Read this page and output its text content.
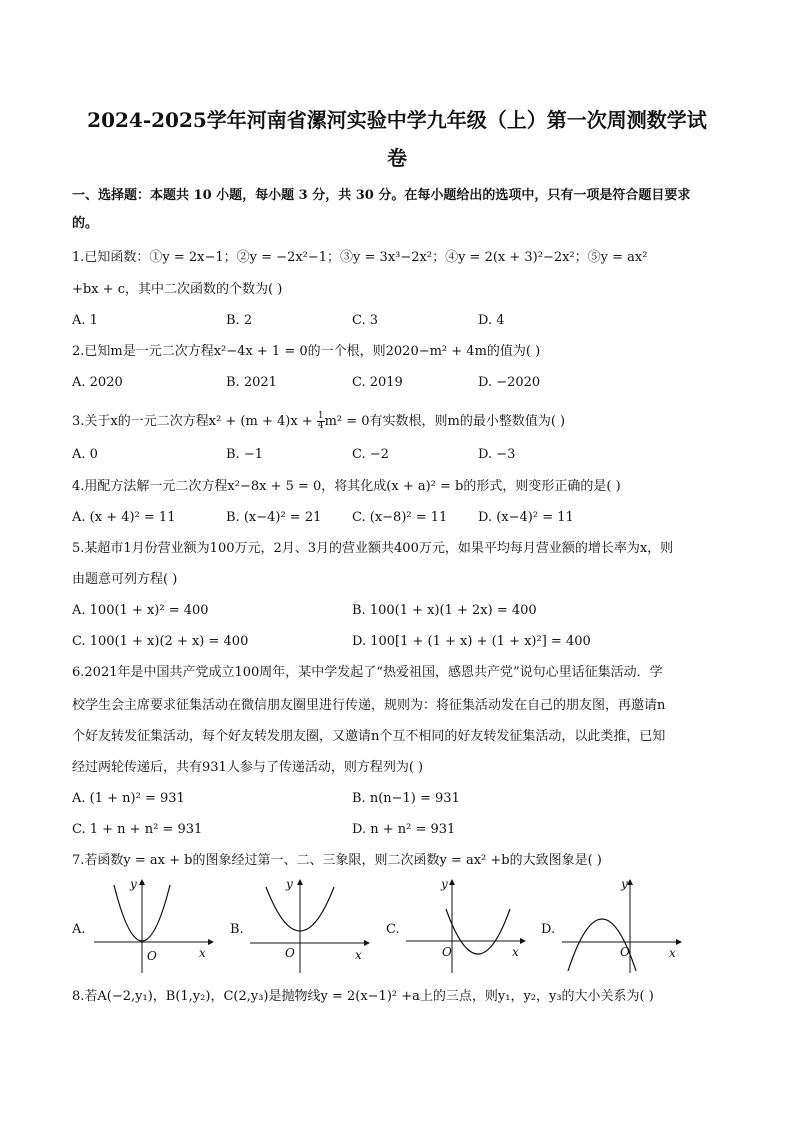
2024-2025学年河南省漯河实验中学九年级（上）第一次周测数学试
卷
一、选择题：本题共 10 小题，每小题 3 分，共 30 分。在每小题给出的选项中，只有一项是符合题目要求
的。
1.已知函数：①y = 2x−1；②y = −2x²−1；③y = 3x³−2x²；④y = 2(x + 3)²−2x²；⑤y = ax²
+bx + c，其中二次函数的个数为( )
A. 1	B. 2	C. 3	D. 4
2.已知m是一元二次方程x²−4x + 1 = 0的一个根，则2020−m² + 4m的值为( )
A. 2020	B. 2021	C. 2019	D. −2020
3.关于x的一元二次方程$x^2 + (m + 4)x + \frac{1}{4} m^2 = 0$有实数根，则m的最小整数值为( )
A. 0	B. −1	C. −2	D. −3
4.用配方法解一元二次方程x²−8x + 5 = 0，将其化成(x + a)² = b的形式，则变形正确的是( )
A. (x + 4)² = 11	B. (x−4)² = 21 C. (x−8)² = 11 D. (x−4)² = 11
5.某超市1月份营业额为100万元，2月、3月的营业额共400万元，如果平均每月营业额的增长率为x，则
由题意可列方程( )
A. 100(1 + x)² = 400	B. 100(1 + x)(1 + 2x) = 400
C. 100(1 + x)(2 + x) = 400	D. 100[1 + (1 + x) + (1 + x)²] = 400
6.2021年是中国共产党成立100周年，某中学发起了“热爱祖国，感恩共产党”说句心里话征集活动．学
校学生会主席要求征集活动在微信朋友圈里进行传递，规则为：将征集活动发在自己的朋友图，再邀请n
个好友转发征集活动，每个好友转发朋友圈，又邀请n个互不相同的好友转发征集活动，以此类推，已知
经过两轮传递后，共有931人参与了传递活动，则方程列为( )
A. (1 + n)² = 931	B. n(n−1) = 931
C. 1 + n + n² = 931	D. n + n² = 931
7.若函数y = ax + b的图象经过第一、二、三象限，则二次函数y = ax² +b的大致图象是( )
A.	B.	C.	D.
y
x
O
y
x
O
y
x
O
y
x
O
8.若A(−2,y₁)，B(1,y₂)，C(2,y₃)是抛物线y = 2(x−1)² +a上的三点，则y₁，y₂，y₃的大小关系为( )
